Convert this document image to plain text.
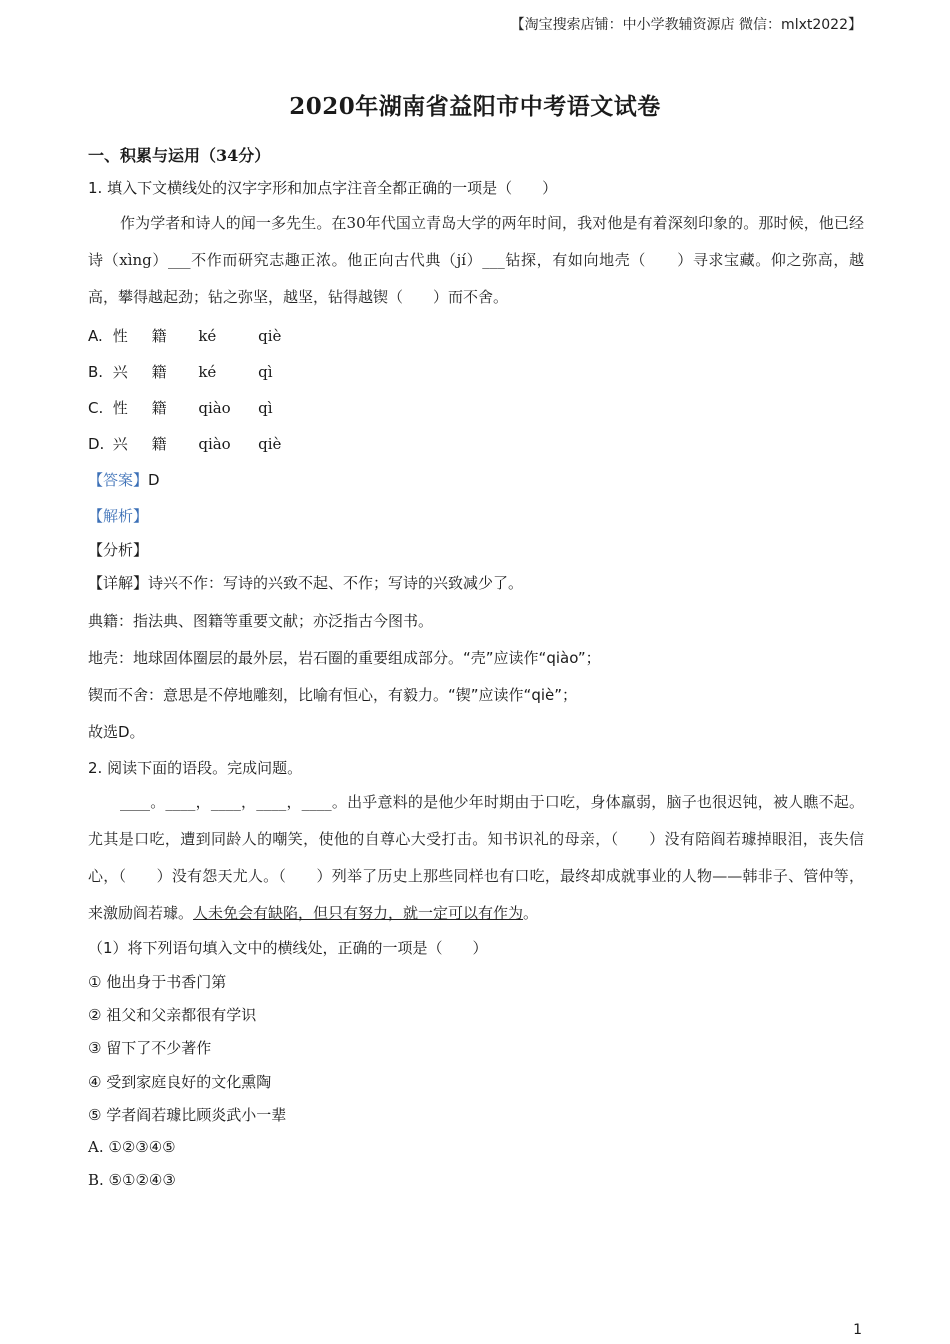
【淘宝搜索店铺：中小学教辅资源店 微信：mlxt2022】
2020年湖南省益阳市中考语文试卷
一、积累与运用（34分）
1. 填入下文横线处的汉字字形和加点字注音全都正确的一项是（　　）
作为学者和诗人的闻一多先生。在30年代国立青岛大学的两年时间，我对他是有着深刻印象的。那时候，他已经诗（xìng）___不作而研究志趣正浓。他正向古代典（jí）___钻探，有如向地壳（　　）寻求宝藏。仰之弥高，越高，攀得越起劲；钻之弥坚，越坚，钻得越锲（　　）而不舍。
A. 性 籍 ké	qiè
B. 兴 籍 ké	qì
C. 性 籍 qiào qì
D. 兴 籍 qiào qiè
【答案】D
【解析】
【分析】
【详解】诗兴不作：写诗的兴致不起、不作；写诗的兴致减少了。
典籍：指法典、图籍等重要文献；亦泛指古今图书。
地壳：地球固体圈层的最外层，岩石圈的重要组成部分。“壳”应读作“qiào”；
锲而不舍：意思是不停地雕刻，比喻有恒心，有毅力。“锲”应读作“qiè”；
故选D。
2. 阅读下面的语段。完成问题。
____。____，____，____，____。出乎意料的是他少年时期由于口吃，身体羸弱，脑子也很迟钝，被人瞧不起。尤其是口吃，遭到同龄人的嘲笑，使他的自尊心大受打击。知书识礼的母亲，（　　）没有陪阎若璩掉眼泪，丧失信心，（　　）没有怨天尤人。（　　）列举了历史上那些同样也有口吃，最终却成就事业的人物——韩非子、管仲等，来激励阎若璩。人未免会有缺陷，但只有努力，就一定可以有作为。
（1）将下列语句填入文中的横线处，正确的一项是（　　）
① 他出身于书香门第
② 祖父和父亲都很有学识
③ 留下了不少著作
④ 受到家庭良好的文化熏陶
⑤ 学者阎若璩比顾炎武小一辈
A. ①②③④⑤
B. ⑤①②④③
1
